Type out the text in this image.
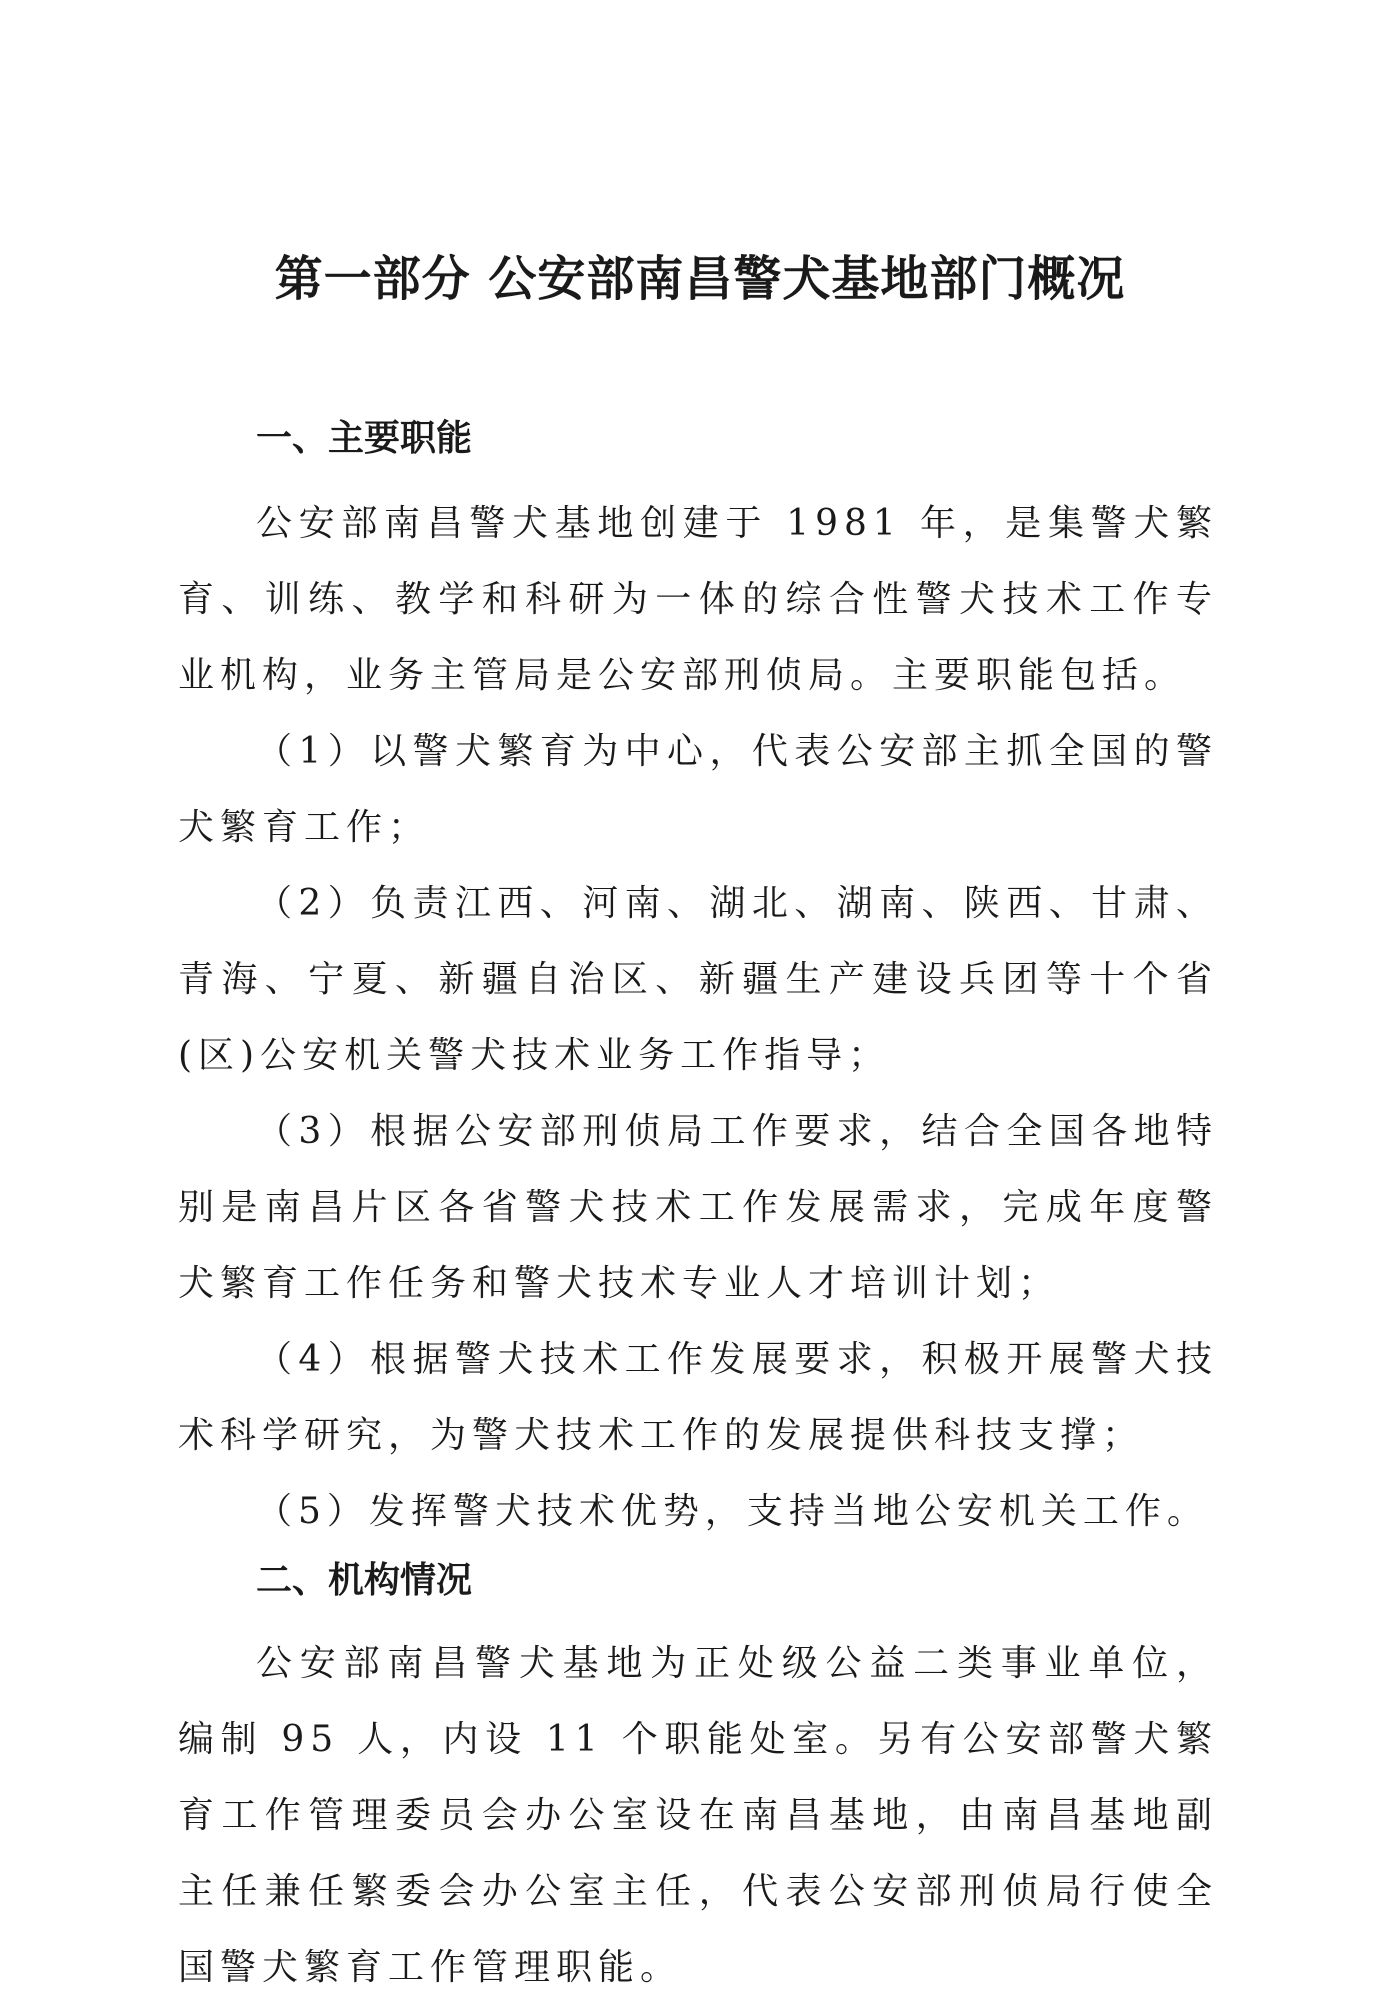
第一部分 公安部南昌警犬基地部门概况
一、主要职能

公安部南昌警犬基地创建于 1981 年，是集警犬繁育、训练、教学和科研为一体的综合性警犬技术工作专业机构，业务主管局是公安部刑侦局。主要职能包括。

（1）以警犬繁育为中心，代表公安部主抓全国的警犬繁育工作；

（2）负责江西、河南、湖北、湖南、陕西、甘肃、青海、宁夏、新疆自治区、新疆生产建设兵团等十个省(区)公安机关警犬技术业务工作指导；

（3）根据公安部刑侦局工作要求，结合全国各地特别是南昌片区各省警犬技术工作发展需求，完成年度警犬繁育工作任务和警犬技术专业人才培训计划；

（4）根据警犬技术工作发展要求，积极开展警犬技术科学研究，为警犬技术工作的发展提供科技支撑；

（5）发挥警犬技术优势，支持当地公安机关工作。

二、机构情况

公安部南昌警犬基地为正处级公益二类事业单位，编制 95 人，内设 11 个职能处室。另有公安部警犬繁育工作管理委员会办公室设在南昌基地，由南昌基地副主任兼任繁委会办公室主任，代表公安部刑侦局行使全国警犬繁育工作管理职能。
